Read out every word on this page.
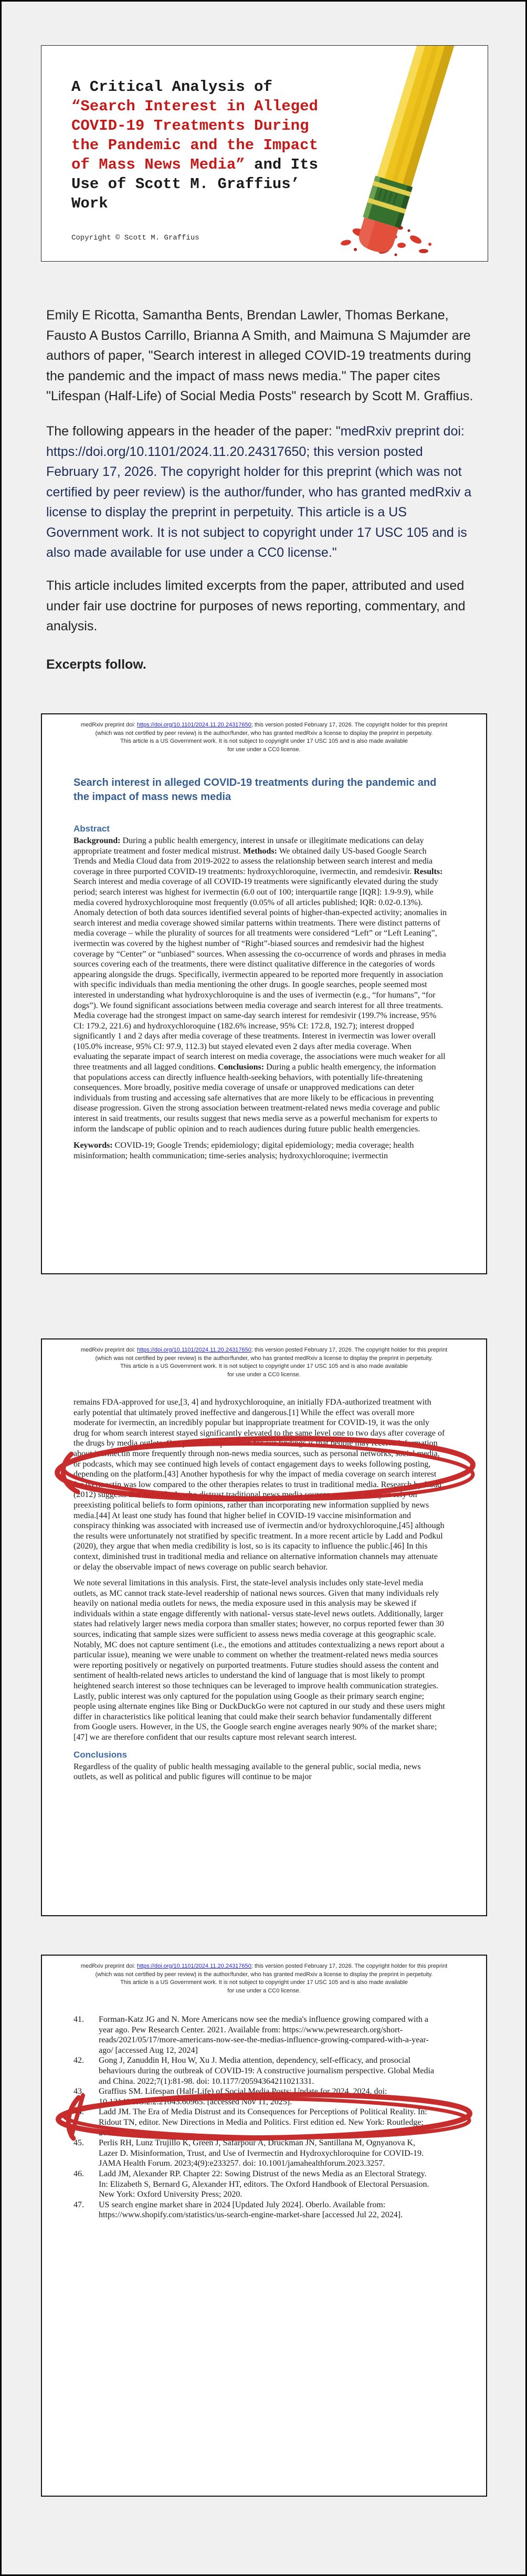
A Critical Analysis of “Search Interest in Alleged COVID-19 Treatments During the Pandemic and the Impact of Mass News Media” and Its Use of Scott M. Graffius’ Work
Copyright © Scott M. Graffius
Emily E Ricotta, Samantha Bents, Brendan Lawler, Thomas Berkane, Fausto A Bustos Carrillo, Brianna A Smith, and Maimuna S Majumder are authors of paper, "Search interest in alleged COVID-19 treatments during the pandemic and the impact of mass news media." The paper cites "Lifespan (Half-Life) of Social Media Posts" research by Scott M. Graffius.
The following appears in the header of the paper: "medRxiv preprint doi: https://doi.org/10.1101/2024.11.20.24317650; this version posted February 17, 2026. The copyright holder for this preprint (which was not certified by peer review) is the author/funder, who has granted medRxiv a license to display the preprint in perpetuity. This article is a US Government work. It is not subject to copyright under 17 USC 105 and is also made available for use under a CC0 license."
This article includes limited excerpts from the paper, attributed and used under fair use doctrine for purposes of news reporting, commentary, and analysis.
Excerpts follow.
medRxiv preprint doi: https://doi.org/10.1101/2024.11.20.24317650; this version posted February 17, 2026. The copyright holder for this preprint
(which was not certified by peer review) is the author/funder, who has granted medRxiv a license to display the preprint in perpetuity.
This article is a US Government work. It is not subject to copyright under 17 USC 105 and is also made available
for use under a CC0 license.
Search interest in alleged COVID-19 treatments during the pandemic and the impact of mass news media
Abstract
Background: During a public health emergency, interest in unsafe or illegitimate medications can delay appropriate treatment and foster medical mistrust. Methods: We obtained daily US-based Google Search Trends and Media Cloud data from 2019-2022 to assess the relationship between search interest and media coverage in three purported COVID-19 treatments: hydroxychloroquine, ivermectin, and remdesivir. Results: Search interest and media coverage of all COVID-19 treatments were significantly elevated during the study period; search interest was highest for ivermectin (6.0 out of 100; interquartile range [IQR]: 1.9-9.9), while media covered hydroxychloroquine most frequently (0.05% of all articles published; IQR: 0.02-0.13%). Anomaly detection of both data sources identified several points of higher-than-expected activity; anomalies in search interest and media coverage showed similar patterns within treatments. There were distinct patterns of media coverage – while the plurality of sources for all treatments were considered “Left” or “Left Leaning”, ivermectin was covered by the highest number of “Right”-biased sources and remdesivir had the highest coverage by “Center” or “unbiased” sources. When assessing the co-occurrence of words and phrases in media sources covering each of the treatments, there were distinct qualitative difference in the categories of words appearing alongside the drugs. Specifically, ivermectin appeared to be reported more frequently in association with specific individuals than media mentioning the other drugs. In google searches, people seemed most interested in understanding what hydroxychloroquine is and the uses of ivermectin (e.g., “for humans”, “for dogs”). We found significant associations between media coverage and search interest for all three treatments. Media coverage had the strongest impact on same-day search interest for remdesivir (199.7% increase, 95% CI: 179.2, 221.6) and hydroxychloroquine (182.6% increase, 95% CI: 172.8, 192.7); interest dropped significantly 1 and 2 days after media coverage of these treatments. Interest in ivermectin was lower overall (105.0% increase, 95% CI: 97.9, 112.3) but stayed elevated even 2 days after media coverage. When evaluating the separate impact of search interest on media coverage, the associations were much weaker for all three treatments and all lagged conditions. Conclusions: During a public health emergency, the information that populations access can directly influence health-seeking behaviors, with potentially life-threatening consequences. More broadly, positive media coverage of unsafe or unapproved medications can deter individuals from trusting and accessing safe alternatives that are more likely to be efficacious in preventing disease progression. Given the strong association between treatment-related news media coverage and public interest in said treatments, our results suggest that news media serve as a powerful mechanism for experts to inform the landscape of public opinion and to reach audiences during future public health emergencies.
Keywords: COVID-19; Google Trends; epidemiology; digital epidemiology; media coverage; health misinformation; health communication; time-series analysis; hydroxychloroquine; ivermectin
medRxiv preprint doi: https://doi.org/10.1101/2024.11.20.24317650; this version posted February 17, 2026. The copyright holder for this preprint
(which was not certified by peer review) is the author/funder, who has granted medRxiv a license to display the preprint in perpetuity.
This article is a US Government work. It is not subject to copyright under 17 USC 105 and is also made available
for use under a CC0 license.
remains FDA-approved for use,[3, 4] and hydroxychloroquine, an initially FDA-authorized treatment with early potential that ultimately proved ineffective and dangerous.[1] While the effect was overall more moderate for ivermectin, an incredibly popular but inappropriate treatment for COVID-19, it was the only drug for whom search interest stayed significantly elevated to the same level one to two days after coverage of the drugs by media outlets. One possible explanation for our findings is that people may receive information about ivermectin more frequently through non-news media sources, such as personal networks, social media, or podcasts, which may see continued high levels of contact engagement days to weeks following posting, depending on the platform.[43] Another hypothesis for why the impact of media coverage on search interest for ivermectin was low compared to the other therapies relates to trust in traditional media. Research by Ladd (2012) suggests that individuals who distrust traditional news media sources are more likely to rely on preexisting political beliefs to form opinions, rather than incorporating new information supplied by news media.[44] At least one study has found that higher belief in COVID-19 vaccine misinformation and conspiracy thinking was associated with increased use of ivermectin and/or hydroxychloroquine,[45] although the results were unfortunately not stratified by specific treatment. In a more recent article by Ladd and Podkul (2020), they argue that when media credibility is lost, so is its capacity to influence the public.[46] In this context, diminished trust in traditional media and reliance on alternative information channels may attenuate or delay the observable impact of news coverage on public search behavior.
We note several limitations in this analysis. First, the state-level analysis includes only state-level media outlets, as MC cannot track state-level readership of national news sources. Given that many individuals rely heavily on national media outlets for news, the media exposure used in this analysis may be skewed if individuals within a state engage differently with national- versus state-level news outlets. Additionally, larger states had relatively larger news media corpora than smaller states; however, no corpus reported fewer than 30 sources, indicating that sample sizes were sufficient to assess news media coverage at this geographic scale. Notably, MC does not capture sentiment (i.e., the emotions and attitudes contextualizing a news report about a particular issue), meaning we were unable to comment on whether the treatment-related news media sources were reporting positively or negatively on purported treatments. Future studies should assess the content and sentiment of health-related news articles to understand the kind of language that is most likely to prompt heightened search interest so those techniques can be leveraged to improve health communication strategies. Lastly, public interest was only captured for the population using Google as their primary search engine; people using alternate engines like Bing or DuckDuckGo were not captured in our study and these users might differ in characteristics like political leaning that could make their search behavior fundamentally different from Google users. However, in the US, the Google search engine averages nearly 90% of the market share;[47] we are therefore confident that our results capture most relevant search interest.
Conclusions
Regardless of the quality of public health messaging available to the general public, social media, news outlets, as well as political and public figures will continue to be major
medRxiv preprint doi: https://doi.org/10.1101/2024.11.20.24317650; this version posted February 17, 2026. The copyright holder for this preprint
(which was not certified by peer review) is the author/funder, who has granted medRxiv a license to display the preprint in perpetuity.
This article is a US Government work. It is not subject to copyright under 17 USC 105 and is also made available
for use under a CC0 license.
41.	Forman-Katz JG and N. More Americans now see the media's influence growing compared with a year ago. Pew Research Center. 2021. Available from: https://www.pewresearch.org/short-reads/2021/05/17/more-americans-now-see-the-medias-influence-growing-compared-with-a-year-ago/ [accessed Aug 12, 2024]
42.	Gong J, Zanuddin H, Hou W, Xu J. Media attention, dependency, self-efficacy, and prosocial behaviours during the outbreak of COVID-19: A constructive journalism perspective. Global Media and China. 2022;7(1):81-98. doi: 10.1177/20594364211021331.
43.	Graffius SM. Lifespan (Half-Life) of Social Media Posts: Update for 2024. 2024. doi: 10.13140/RG.2.2.21043.60965. [accessed Nov 11, 2025].
44.	Ladd JM. The Era of Media Distrust and its Consequences for Perceptions of Political Reality. In: Ridout TN, editor. New Directions in Media and Politics. First edition ed. New York: Routledge; 2012.
45.	Perlis RH, Lunz Trujillo K, Green J, Safarpour A, Druckman JN, Santillana M, Ognyanova K, Lazer D. Misinformation, Trust, and Use of Ivermectin and Hydroxychloroquine for COVID-19. JAMA Health Forum. 2023;4(9):e233257. doi: 10.1001/jamahealthforum.2023.3257.
46.	Ladd JM, Alexander RP. Chapter 22: Sowing Distrust of the news Media as an Electoral Strategy. In: Elizabeth S, Bernard G, Alexander HT, editors. The Oxford Handbook of Electoral Persuasion. New York: Oxford University Press; 2020.
47.	US search engine market share in 2024 [Updated July 2024]. Oberlo. Available from: https://www.shopify.com/statistics/us-search-engine-market-share [accessed Jul 22, 2024].
